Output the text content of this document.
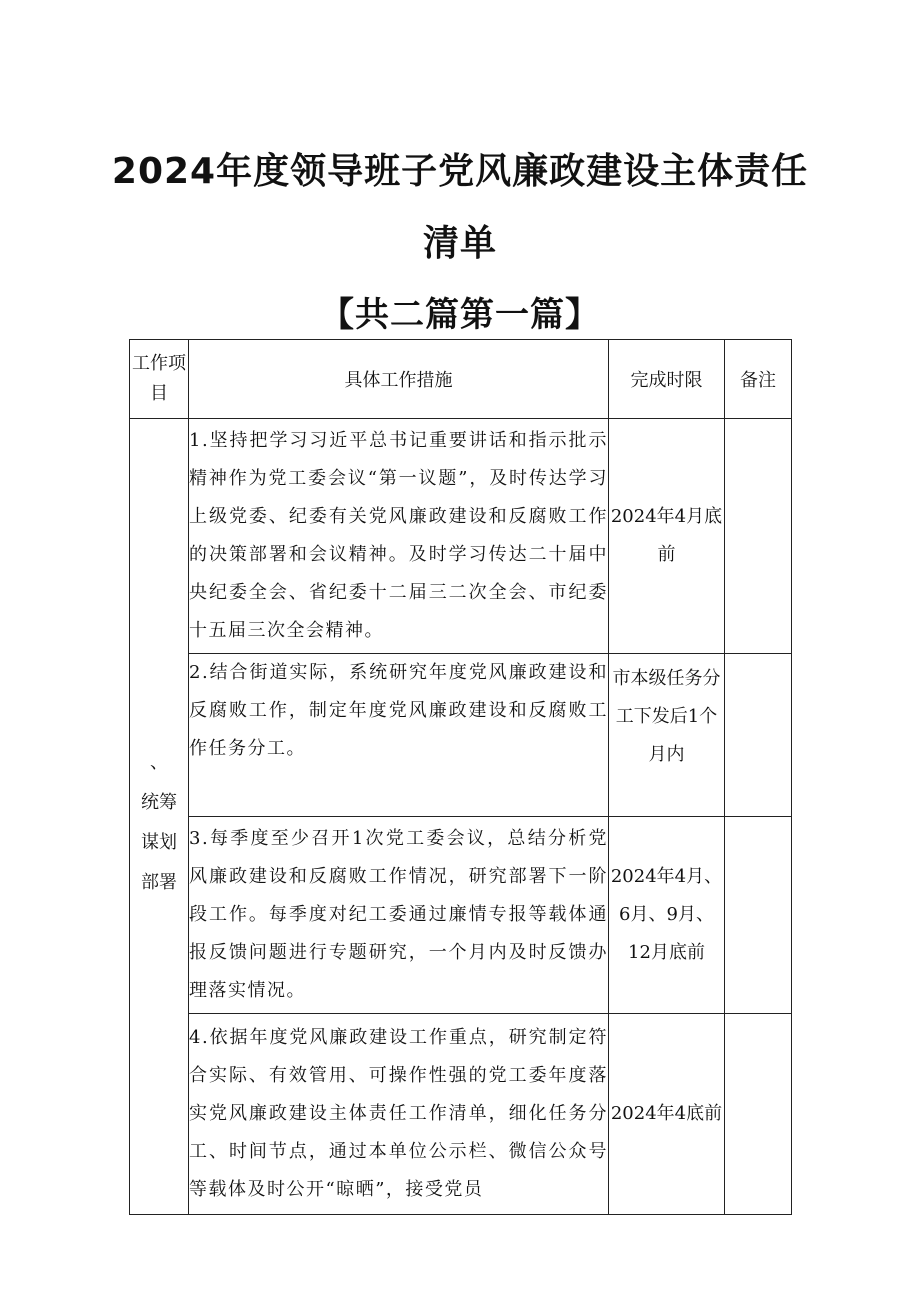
2024年度领导班子党风廉政建设主体责任
清单
【共二篇第一篇】
工作项目	具体工作措施	完成时限	备注

、
统筹
谋划
部署	1.坚持把学习习近平总书记重要讲话和指示批示精神作为党工委会议“第一议题”，及时传达学习上级党委、纪委有关党风廉政建设和反腐败工作的决策部署和会议精神。及时学习传达二十届中央纪委全会、省纪委十二届三二次全会、市纪委十五届三次全会精神。	2024年4月底前	
	2.结合街道实际，系统研究年度党风廉政建设和反腐败工作，制定年度党风廉政建设和反腐败工作任务分工。	市本级任务分工下发后1个月内	
	3.每季度至少召开1次党工委会议，总结分析党风廉政建设和反腐败工作情况，研究部署下一阶段工作。每季度对纪工委通过廉情专报等载体通报反馈问题进行专题研究，一个月内及时反馈办理落实情况。	2024年4月、6月、9月、12月底前	
	4.依据年度党风廉政建设工作重点，研究制定符合实际、有效管用、可操作性强的党工委年度落实党风廉政建设主体责任工作清单，细化任务分工、时间节点，通过本单位公示栏、微信公众号等载体及时公开“晾晒”，接受党员	2024年4底前	
